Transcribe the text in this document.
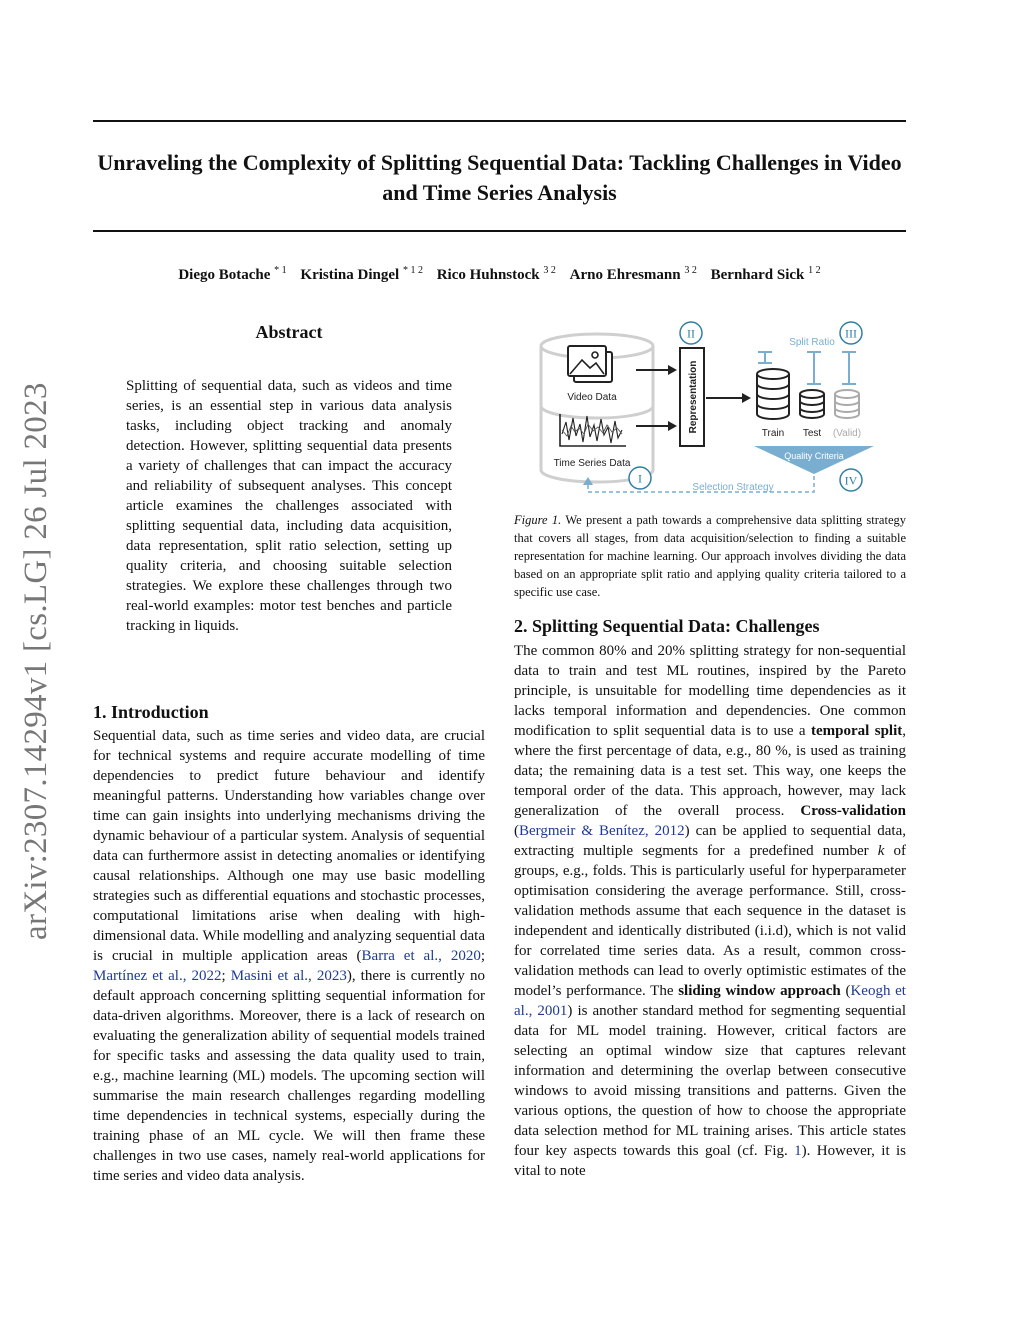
Unraveling the Complexity of Splitting Sequential Data: Tackling Challenges in Video and Time Series Analysis
Diego Botache $^{* 1}$ Kristina Dingel $^{* 1 2}$ Rico Huhnstock $^{3 2}$ Arno Ehresmann $^{3 2}$ Bernhard Sick $^{1 2}$
arXiv:2307.14294v1 [cs.LG] 26 Jul 2023
Abstract
Splitting of sequential data, such as videos and time series, is an essential step in various data analysis tasks, including object tracking and anomaly detection. However, splitting sequential data presents a variety of challenges that can impact the accuracy and reliability of subsequent analyses. This concept article examines the challenges associated with splitting sequential data, including data acquisition, data representation, split ratio selection, setting up quality criteria, and choosing suitable selection strategies. We explore these challenges through two real-world examples: motor test benches and particle tracking in liquids.
1. Introduction

Sequential data, such as time series and video data, are crucial for technical systems and require accurate modelling of time dependencies to predict future behaviour and identify meaningful patterns. Understanding how variables change over time can gain insights into underlying mechanisms driving the dynamic behaviour of a particular system. Analysis of sequential data can furthermore assist in detecting anomalies or identifying causal relationships. Although one may use basic modelling strategies such as differential equations and stochastic processes, computational limitations arise when dealing with high-dimensional data. While modelling and analyzing sequential data is crucial in multiple application areas (Barra et al., 2020; Martínez et al., 2022; Masini et al., 2023), there is currently no default approach concerning splitting sequential information for data-driven algorithms. Moreover, there is a lack of research on evaluating the generalization ability of sequential models trained for specific tasks and assessing the data quality used to train, e.g., machine learning (ML) models. The upcoming section will summarise the main research challenges regarding modelling time dependencies in technical systems, especially during the training phase of an ML cycle. We will then frame these challenges in two use cases, namely real-world applications for time series and video data analysis.

Video Data
Time Series Data
Representation
II
Split Ratio
III
Train Test (Valid)
Quality Criteria
IV
Selection Strategy
I
Figure 1. We present a path towards a comprehensive data splitting strategy that covers all stages, from data acquisition/selection to finding a suitable representation for machine learning. Our approach involves dividing the data based on an appropriate split ratio and applying quality criteria tailored to a specific use case.
2. Splitting Sequential Data: Challenges

The common 80% and 20% splitting strategy for non-sequential data to train and test ML routines, inspired by the Pareto principle, is unsuitable for modelling time dependencies as it lacks temporal information and dependencies. One common modification to split sequential data is to use a temporal split, where the first percentage of data, e.g., 80 %, is used as training data; the remaining data is a test set. This way, one keeps the temporal order of the data. This approach, however, may lack generalization of the overall process. Cross-validation (Bergmeir & Benítez, 2012) can be applied to sequential data, extracting multiple segments for a predefined number k of groups, e.g., folds. This is particularly useful for hyperparameter optimisation considering the average performance. Still, cross-validation methods assume that each sequence in the dataset is independent and identically distributed (i.i.d), which is not valid for correlated time series data. As a result, common cross-validation methods can lead to overly optimistic estimates of the model’s performance. The sliding window approach (Keogh et al., 2001) is another standard method for segmenting sequential data for ML model training. However, critical factors are selecting an optimal window size that captures relevant information and determining the overlap between consecutive windows to avoid missing transitions and patterns. Given the various options, the question of how to choose the appropriate data selection method for ML training arises. This article states four key aspects towards this goal (cf. Fig. 1). However, it is vital to note
